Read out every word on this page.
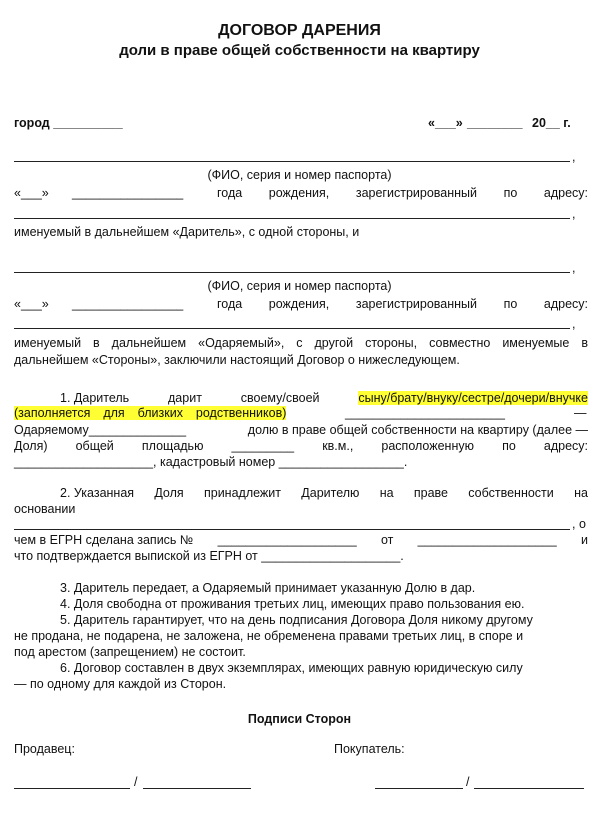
ДОГОВОР ДАРЕНИЯ
доли в праве общей собственности на квартиру
город __________	«___» ________ 20__ г.
,
(ФИО, серия и номер паспорта)
«___» ________________	года рождения, зарегистрированный по адресу:
,
именуемый в дальнейшем «Даритель», с одной стороны, и
,
(ФИО, серия и номер паспорта)
«___» ________________	года рождения, зарегистрированный по адресу:
,
именуемый в дальнейшем «Одаряемый», с другой стороны, совместно именуемые в
дальнейшем «Стороны», заключили настоящий Договор о нижеследующем.
1. Даритель	дарит	своему/своей	сыну/брату/внуку/сестре/дочери/внучке
(заполняется  для  близких  родственников)	_______________________	—
Одаряемому______________	долю в праве общей собственности на квартиру (далее —
Доля) общей площадью _________ кв.м., расположенную по адресу:
____________________, кадастровый номер __________________.
2. Указанная Доля принадлежит Дарителю на праве собственности на
основании
, о
чем в ЕГРН сделана запись № ____________________ от ____________________ и
что подтверждается выпиской из ЕГРН от ____________________.
3. Даритель передает, а Одаряемый принимает указанную Долю в дар.
4. Доля свободна от проживания третьих лиц, имеющих право пользования ею.
5. Даритель гарантирует, что на день подписания Договора Доля никому другому
не продана, не подарена, не заложена, не обременена правами третьих лиц, в споре и
под арестом (запрещением) не состоит.
6. Договор составлен в двух экземплярах, имеющих равную юридическую силу
— по одному для каждой из Сторон.
Подписи Сторон
Продавец:	Покупатель:
/	/
